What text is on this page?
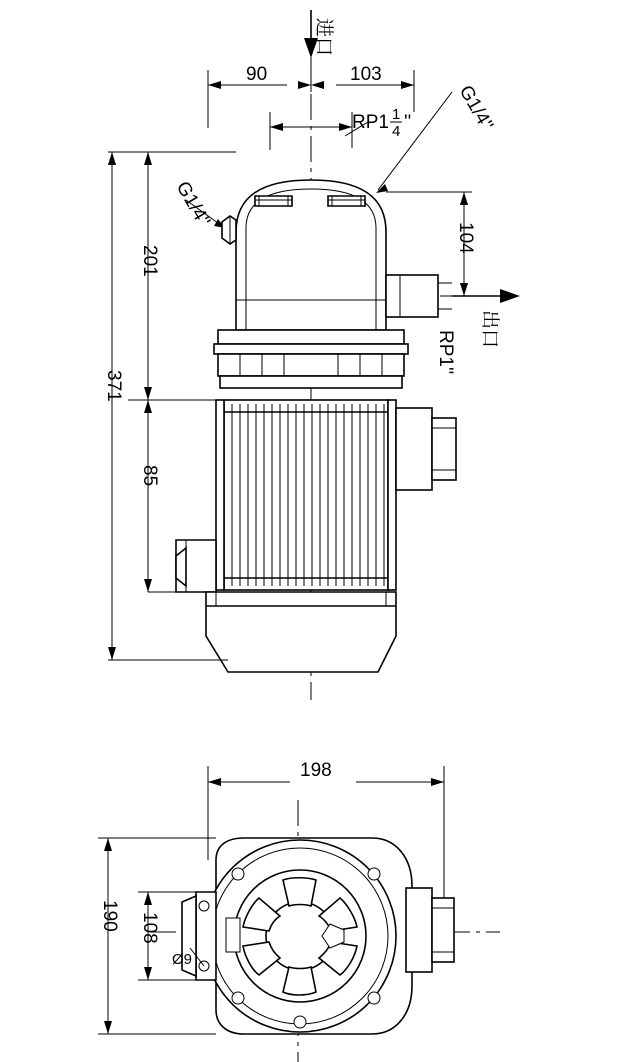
90	103
RP1 1
4 '' G1/4''
G1/4''
出口
进口
RP1''
104
201
85
371
198
Ø9
108
190
